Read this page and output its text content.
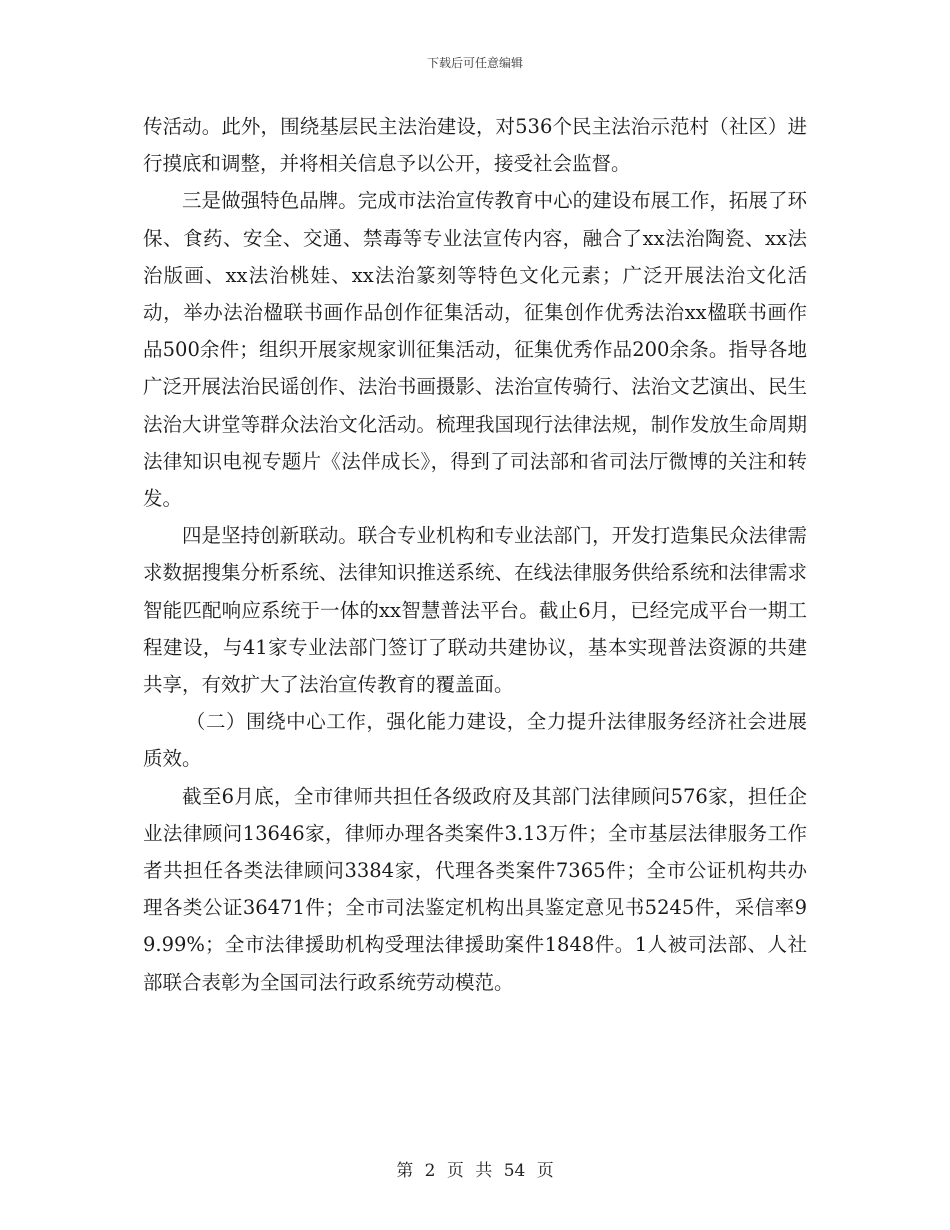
下载后可任意编辑

传活动。此外，围绕基层民主法治建设，对536个民主法治示范村（社区）进行摸底和调整，并将相关信息予以公开，接受社会监督。

三是做强特色品牌。完成市法治宣传教育中心的建设布展工作，拓展了环保、食药、安全、交通、禁毒等专业法宣传内容，融合了xx法治陶瓷、xx法治版画、xx法治桃娃、xx法治篆刻等特色文化元素；广泛开展法治文化活动，举办法治楹联书画作品创作征集活动，征集创作优秀法治xx楹联书画作品500余件；组织开展家规家训征集活动，征集优秀作品200余条。指导各地广泛开展法治民谣创作、法治书画摄影、法治宣传骑行、法治文艺演出、民生法治大讲堂等群众法治文化活动。梳理我国现行法律法规，制作发放生命周期法律知识电视专题片《法伴成长》，得到了司法部和省司法厅微博的关注和转发。

四是坚持创新联动。联合专业机构和专业法部门，开发打造集民众法律需求数据搜集分析系统、法律知识推送系统、在线法律服务供给系统和法律需求智能匹配响应系统于一体的xx智慧普法平台。截止6月，已经完成平台一期工程建设，与41家专业法部门签订了联动共建协议，基本实现普法资源的共建共享，有效扩大了法治宣传教育的覆盖面。

（二）围绕中心工作，强化能力建设，全力提升法律服务经济社会进展质效。

截至6月底，全市律师共担任各级政府及其部门法律顾问576家，担任企业法律顾问13646家，律师办理各类案件3.13万件；全市基层法律服务工作者共担任各类法律顾问3384家，代理各类案件7365件；全市公证机构共办理各类公证36471件；全市司法鉴定机构出具鉴定意见书5245件，采信率99.99%；全市法律援助机构受理法律援助案件1848件。1人被司法部、人社部联合表彰为全国司法行政系统劳动模范。

第 2 页 共 54 页
